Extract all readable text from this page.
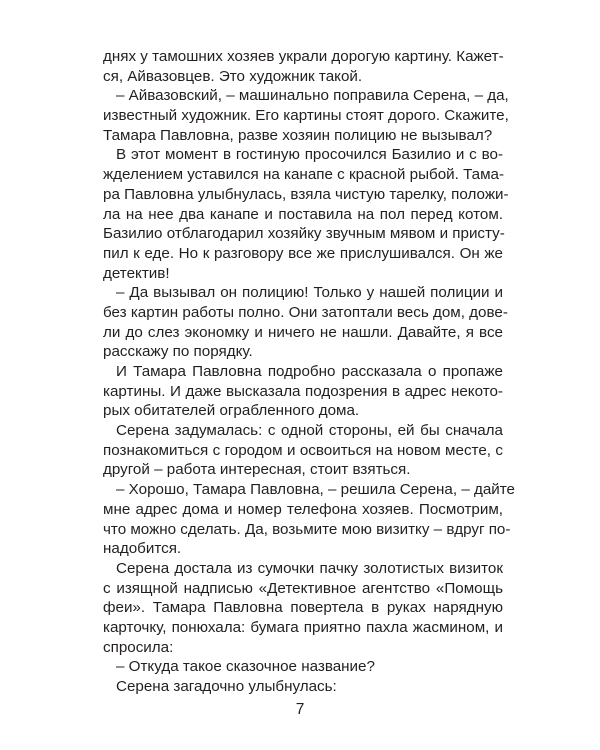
днях у тамошних хозяев украли дорогую картину. Кажет-
ся, Айвазовцев. Это художник такой.
– Айвазовский, – машинально поправила Серена, – да,
известный художник. Его картины стоят дорого. Скажите,
Тамара Павловна, разве хозяин полицию не вызывал?
В этот момент в гостиную просочился Базилио и с во-
жделением уставился на канапе с красной рыбой. Тама-
ра Павловна улыбнулась, взяла чистую тарелку, положи-
ла на нее два канапе и поставила на пол перед котом.
Базилио отблагодарил хозяйку звучным мявом и присту-
пил к еде. Но к разговору все же прислушивался. Он же
детектив!
– Да вызывал он полицию! Только у нашей полиции и
без картин работы полно. Они затоптали весь дом, дове-
ли до слез экономку и ничего не нашли. Давайте, я все
расскажу по порядку.
И Тамара Павловна подробно рассказала о пропаже
картины. И даже высказала подозрения в адрес некото-
рых обитателей ограбленного дома.
Серена задумалась: с одной стороны, ей бы сначала
познакомиться с городом и освоиться на новом месте, с
другой – работа интересная, стоит взяться.
– Хорошо, Тамара Павловна, – решила Серена, – дайте
мне адрес дома и номер телефона хозяев. Посмотрим,
что можно сделать. Да, возьмите мою визитку – вдруг по-
надобится.
Серена достала из сумочки пачку золотистых визиток
с изящной надписью «Детективное агентство «Помощь
феи». Тамара Павловна повертела в руках нарядную
карточку, понюхала: бумага приятно пахла жасмином, и
спросила:
– Откуда такое сказочное название?
Серена загадочно улыбнулась:
7
